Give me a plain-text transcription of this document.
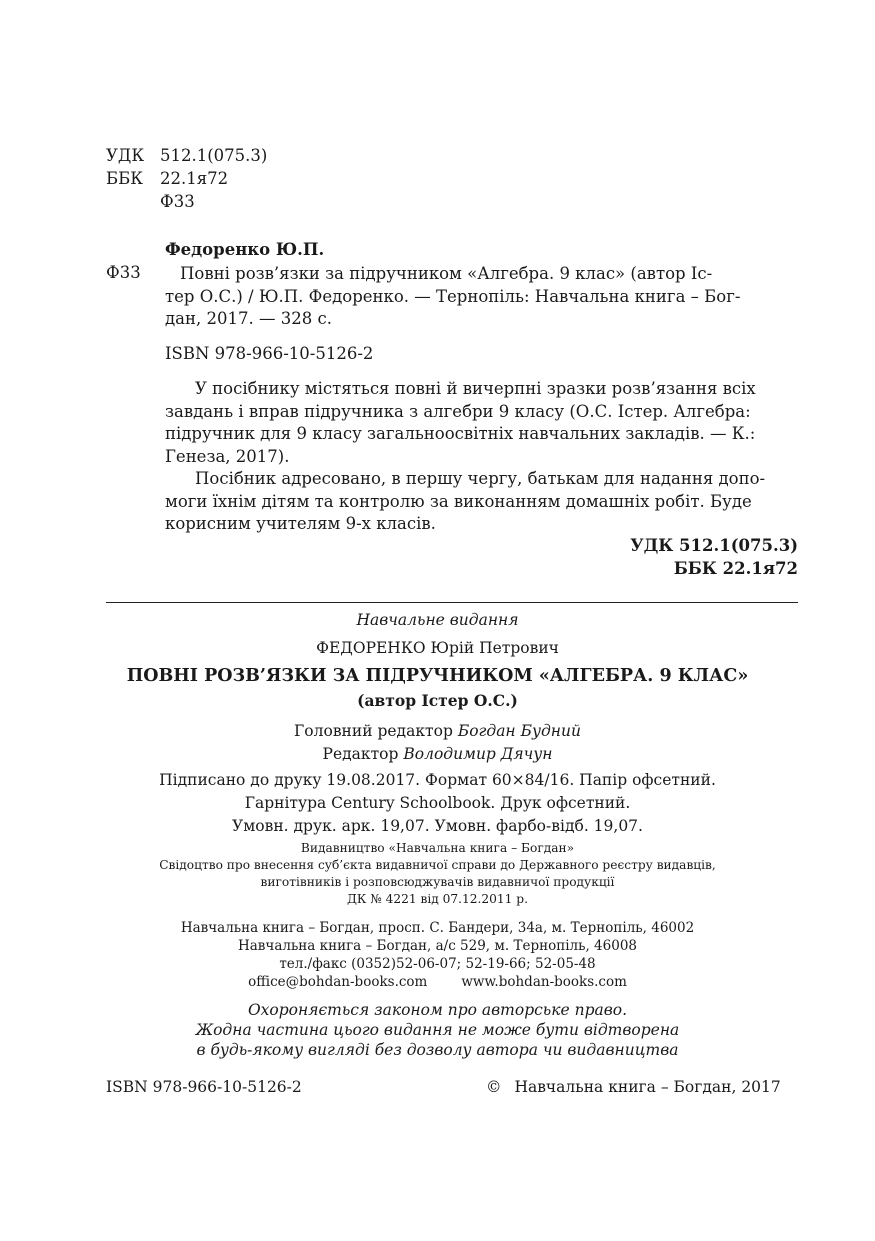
УДК 512.1(075.3)
ББК 22.1я72
Ф33
Федоренко Ю.П.
Ф33	Повні розв’язки за підручником «Алгебра. 9 клас» (автор Іс-
тер О.С.) / Ю.П. Федоренко. — Тернопіль: Навчальна книга – Бог-
дан, 2017. — 328 с.
ISBN 978-966-10-5126-2
У посібнику містяться повні й вичерпні зразки розв’язання всіх
завдань і вправ підручника з алгебри 9 класу (О.С. Істер. Алгебра:
підручник для 9 класу загальноосвітніх навчальних закладів. — К.:
Генеза, 2017).
Посібник адресовано, в першу чергу, батькам для надання допо-
моги їхнім дітям та контролю за виконанням домашніх робіт. Буде
корисним учителям 9-х класів.
УДК 512.1(075.3)
ББК 22.1я72
Навчальне видання
ФЕДОРЕНКО Юрій Петрович
ПОВНІ РОЗВ’ЯЗКИ ЗА ПІДРУЧНИКОМ «АЛГЕБРА. 9 КЛАС»
(автор Істер О.С.)
Головний редактор Богдан Будний
Редактор Володимир Дячун
Підписано до друку 19.08.2017. Формат 60×84/16. Папір офсетний.
Гарнітура Century Schoolbook. Друк офсетний.
Умовн. друк. арк. 19,07. Умовн. фарбо-відб. 19,07.
Видавництво «Навчальна книга – Богдан»
Свідоцтво про внесення суб’єкта видавничої справи до Державного реєстру видавців,
виготівників і розповсюджувачів видавничої продукції
ДК № 4221 від 07.12.2011 р.
Навчальна книга – Богдан, просп. С. Бандери, 34а, м. Тернопіль, 46002
Навчальна книга – Богдан, а/с 529, м. Тернопіль, 46008
тел./факс (0352)52-06-07; 52-19-66; 52-05-48
office@bohdan-books.com	www.bohdan-books.com
Охороняється законом про авторське право.
Жодна частина цього видання не може бути відтворена
в будь-якому вигляді без дозволу автора чи видавництва
ISBN 978-966-10-5126-2	© Навчальна книга – Богдан, 2017
